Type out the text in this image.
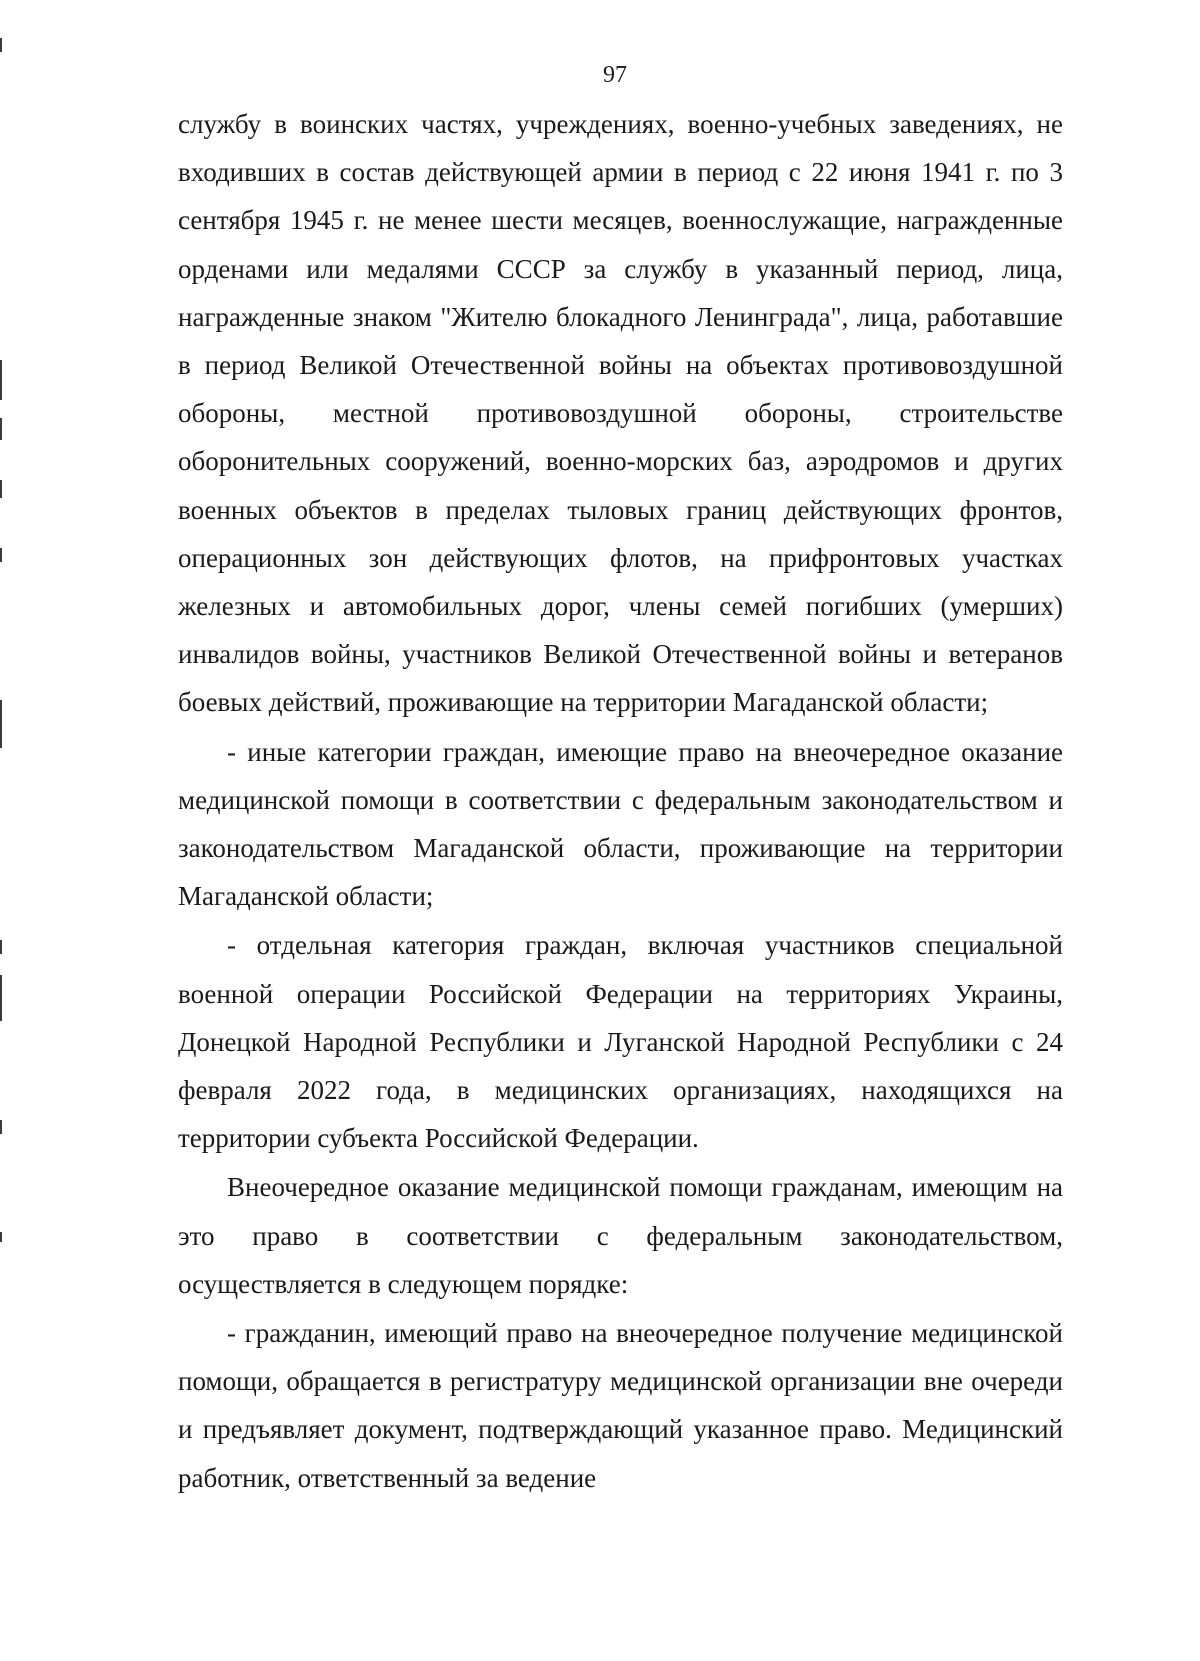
97

службу в воинских частях, учреждениях, военно-учебных заведениях, не входивших в состав действующей армии в период с 22 июня 1941 г. по 3 сентября 1945 г. не менее шести месяцев, военнослужащие, награжденные орденами или медалями СССР за службу в указанный период, лица, награжденные знаком "Жителю блокадного Ленинграда", лица, работавшие в период Великой Отечественной войны на объектах противовоздушной обороны, местной противовоздушной обороны, строительстве оборонительных сооружений, военно-морских баз, аэродромов и других военных объектов в пределах тыловых границ действующих фронтов, операционных зон действующих флотов, на прифронтовых участках железных и автомобильных дорог, члены семей погибших (умерших) инвалидов войны, участников Великой Отечественной войны и ветеранов боевых действий, проживающие на территории Магаданской области;

- иные категории граждан, имеющие право на внеочередное оказание медицинской помощи в соответствии с федеральным законодательством и законодательством Магаданской области, проживающие на территории Магаданской области;

- отдельная категория граждан, включая участников специальной военной операции Российской Федерации на территориях Украины, Донецкой Народной Республики и Луганской Народной Республики с 24 февраля 2022 года, в медицинских организациях, находящихся на территории субъекта Российской Федерации.

Внеочередное оказание медицинской помощи гражданам, имеющим на это право в соответствии с федеральным законодательством, осуществляется в следующем порядке:

- гражданин, имеющий право на внеочередное получение медицинской помощи, обращается в регистратуру медицинской организации вне очереди и предъявляет документ, подтверждающий указанное право. Медицинский работник, ответственный за ведение
